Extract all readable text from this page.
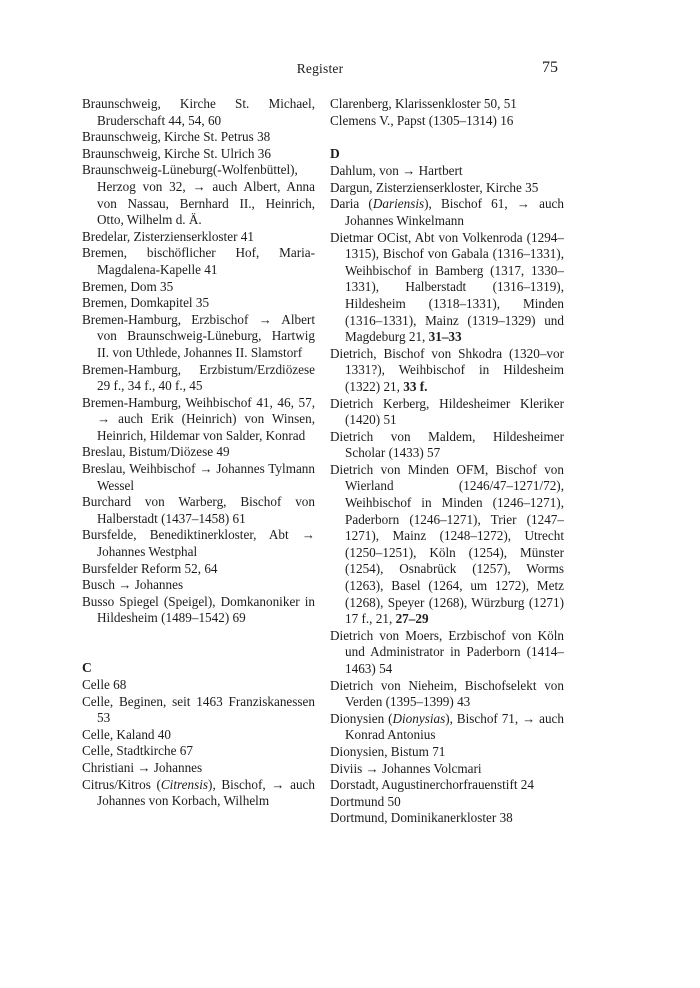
Register	75

Braunschweig, Kirche St. Michael, Bruderschaft 44, 54, 60

Braunschweig, Kirche St. Petrus 38

Braunschweig, Kirche St. Ulrich 36

Braunschweig-Lüneburg(-Wolfenbüttel), Herzog von 32, → auch Albert, Anna von Nassau, Bernhard II., Heinrich, Otto, Wilhelm d. Ä.

Bredelar, Zisterzienserkloster 41

Bremen, bischöflicher Hof, Maria-Magdalena-Kapelle 41

Bremen, Dom 35

Bremen, Domkapitel 35

Bremen-Hamburg, Erzbischof → Albert von Braunschweig-Lüneburg, Hartwig II. von Uthlede, Johannes II. Slamstorf

Bremen-Hamburg, Erzbistum/Erzdiözese 29 f., 34 f., 40 f., 45

Bremen-Hamburg, Weihbischof 41, 46, 57, → auch Erik (Heinrich) von Winsen, Heinrich, Hildemar von Salder, Konrad

Breslau, Bistum/Diözese 49

Breslau, Weihbischof → Johannes Tylmann Wessel

Burchard von Warberg, Bischof von Halberstadt (1437–1458) 61

Bursfelde, Benediktinerkloster, Abt → Johannes Westphal

Bursfelder Reform 52, 64

Busch → Johannes

Busso Spiegel (Speigel), Domkanoniker in Hildesheim (1489–1542) 69

C

Celle 68

Celle, Beginen, seit 1463 Franziskanessen 53

Celle, Kaland 40

Celle, Stadtkirche 67

Christiani → Johannes

Citrus/Kitros (Citrensis), Bischof, → auch Johannes von Korbach, Wilhelm

Clarenberg, Klarissenkloster 50, 51

Clemens V., Papst (1305–1314) 16

D

Dahlum, von → Hartbert

Dargun, Zisterzienserkloster, Kirche 35

Daria (Dariensis), Bischof 61, → auch Johannes Winkelmann

Dietmar OCist, Abt von Volkenroda (1294–1315), Bischof von Gabala (1316–1331), Weihbischof in Bamberg (1317, 1330–1331), Halberstadt (1316–1319), Hildesheim (1318–1331), Minden (1316–1331), Mainz (1319–1329) und Magdeburg 21, 31–33

Dietrich, Bischof von Shkodra (1320–vor 1331?), Weihbischof in Hildesheim (1322) 21, 33 f.

Dietrich Kerberg, Hildesheimer Kleriker (1420) 51

Dietrich von Maldem, Hildesheimer Scholar (1433) 57

Dietrich von Minden OFM, Bischof von Wierland (1246/47–1271/72), Weihbischof in Minden (1246–1271), Paderborn (1246–1271), Trier (1247–1271), Mainz (1248–1272), Utrecht (1250–1251), Köln (1254), Münster (1254), Osnabrück (1257), Worms (1263), Basel (1264, um 1272), Metz (1268), Speyer (1268), Würzburg (1271) 17 f., 21, 27–29

Dietrich von Moers, Erzbischof von Köln und Administrator in Paderborn (1414–1463) 54

Dietrich von Nieheim, Bischofselekt von Verden (1395–1399) 43

Dionysien (Dionysias), Bischof 71, → auch Konrad Antonius

Dionysien, Bistum 71

Diviis → Johannes Volcmari

Dorstadt, Augustinerchorfrauenstift 24

Dortmund 50

Dortmund, Dominikanerkloster 38
